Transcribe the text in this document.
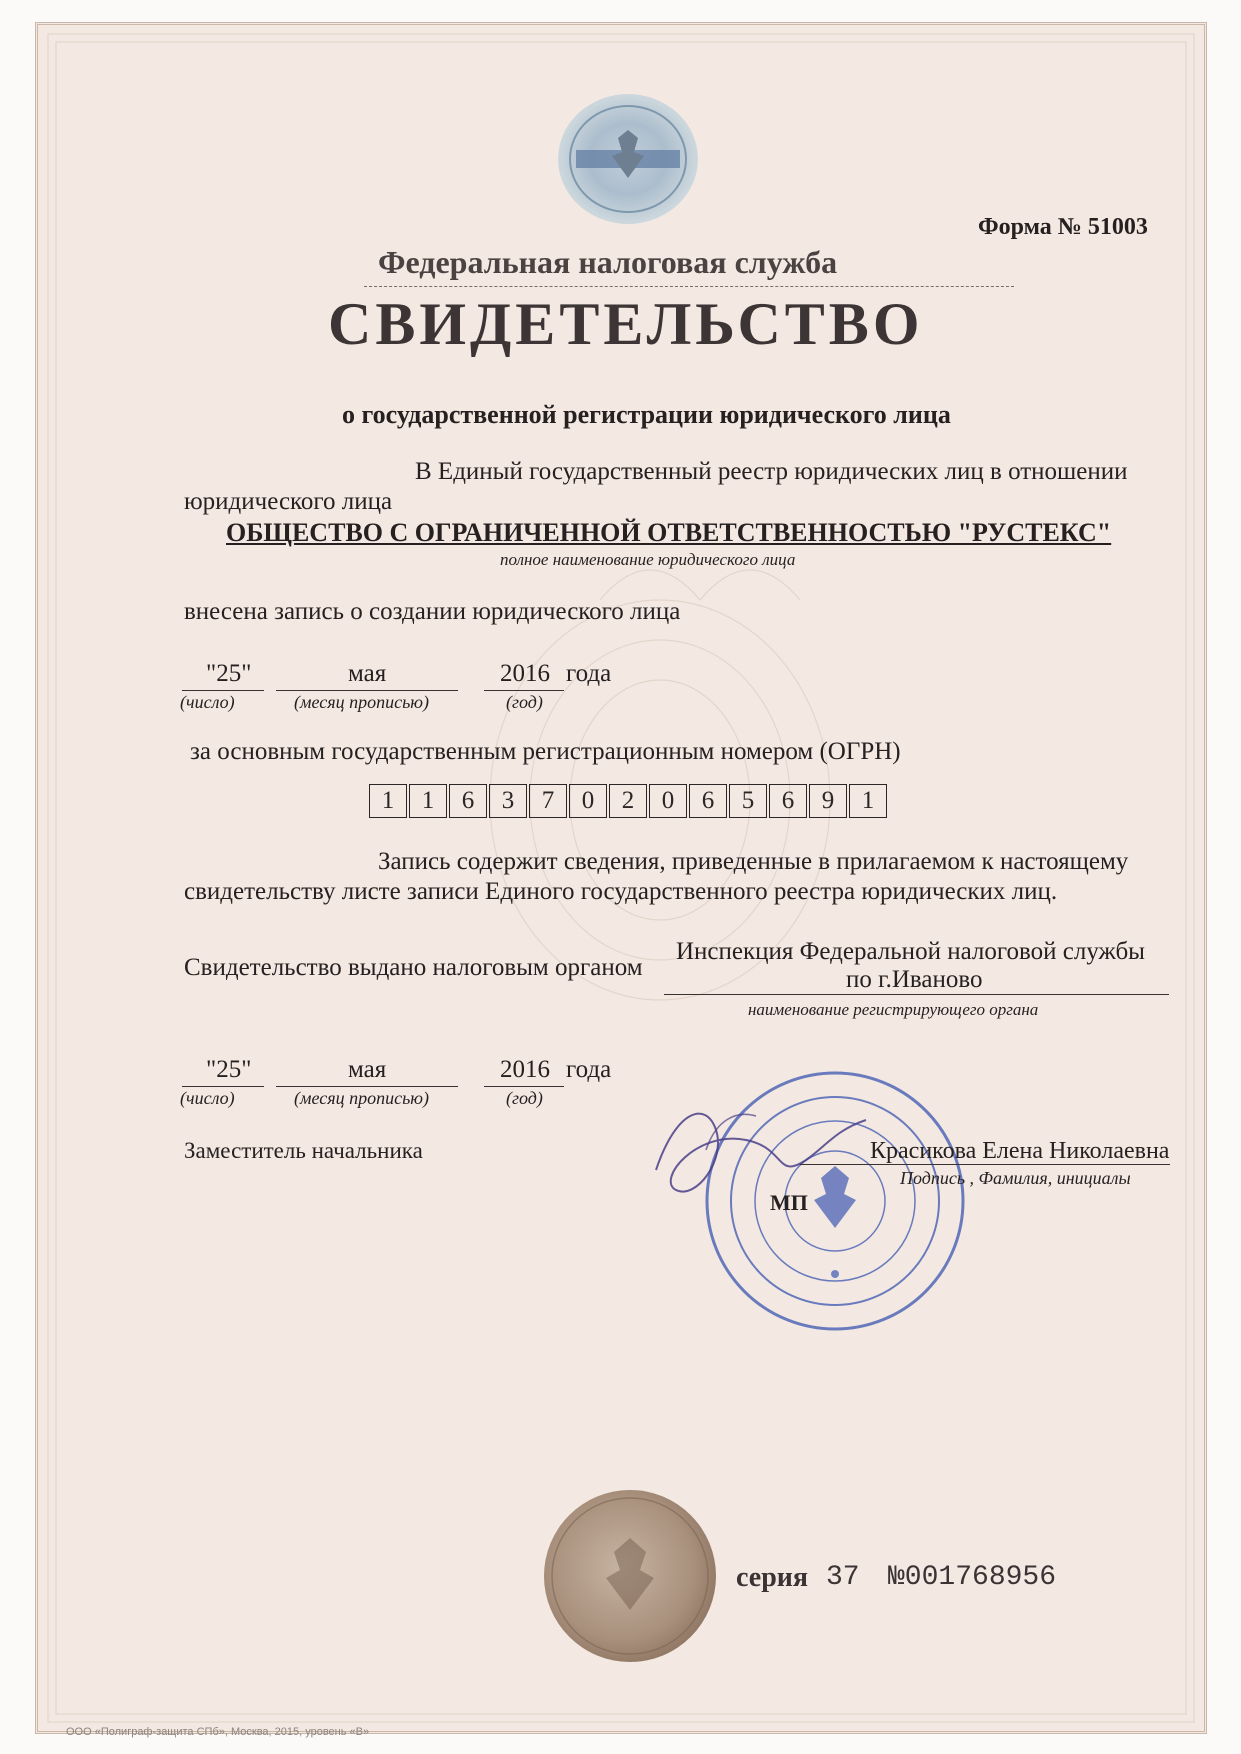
Форма № 51003
Федеральная налоговая служба
СВИДЕТЕЛЬСТВО
о государственной регистрации юридического лица
В Единый государственный реестр юридических лиц в отношении
юридического лица
ОБЩЕСТВО С ОГРАНИЧЕННОЙ ОТВЕТСТВЕННОСТЬЮ "РУСТЕКС"
полное наименование юридического лица
внесена запись о создании юридического лица
"25"	мая	2016 года
(число)	(месяц прописью)	(год)
за основным государственным регистрационным номером (ОГРН)
1	1	6	3	7	0	2	0	6	5	6	9	1
Запись содержит сведения, приведенные в прилагаемом к настоящему
свидетельству листе записи Единого государственного реестра юридических лиц.
Свидетельство выдано налоговым органом
Инспекция Федеральной налоговой службы
по г.Иваново
наименование регистрирующего органа
"25"	мая	2016 года
(число)	(месяц прописью)	(год)
Заместитель начальника
МП
Красикова Елена Николаевна
Подпись , Фамилия, инициалы
серия 37 №001768956
ООО «Полиграф-защита СПб», Москва, 2015, уровень «В»
